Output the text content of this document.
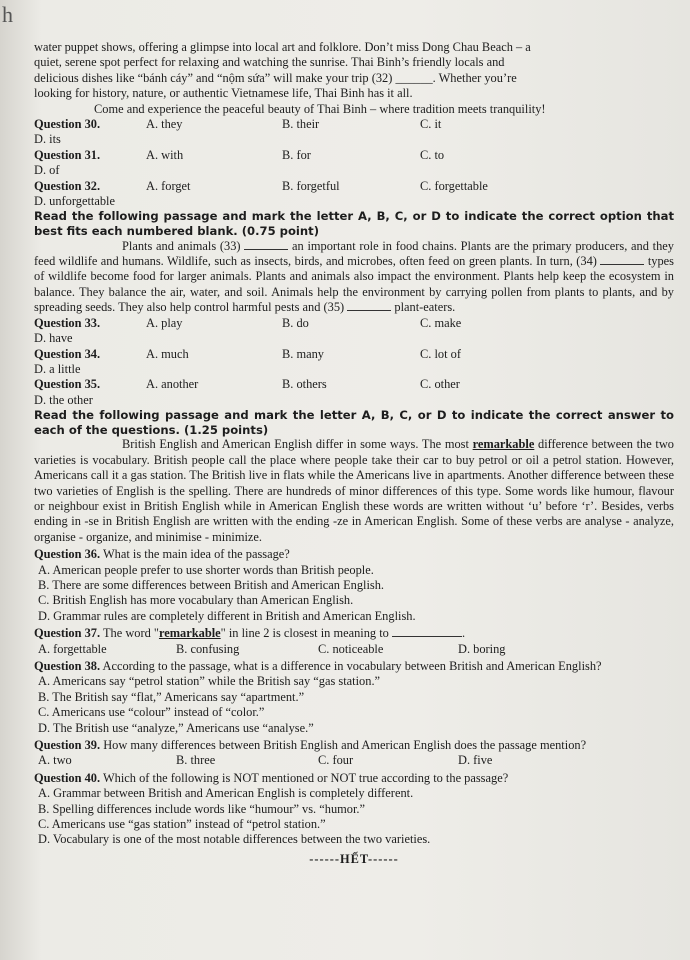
h

water puppet shows, offering a glimpse into local art and folklore. Don’t miss Dong Chau Beach – a

quiet, serene spot perfect for relaxing and watching the sunrise. Thai Binh’s friendly locals and

delicious dishes like “bánh cáy” and “nộm sứa” will make your trip (32) ______. Whether you’re

looking for history, nature, or authentic Vietnamese life, Thai Binh has it all.

Come and experience the peaceful beauty of Thai Binh – where tradition meets tranquility!

Question 30.	A. they	B. their	C. it
D. its
Question 31.	A. with	B. for	C. to
D. of
Question 32.	A. forget	B. forgetful	C. forgettable
D. unforgettable

Read the following passage and mark the letter A, B, C, or D to indicate the correct option that best fits each numbered blank. (0.75 point)

Plants and animals (33)	an important role in food chains. Plants are the primary producers, and they feed wildlife and humans. Wildlife, such as insects, birds, and microbes, often feed on green plants. In turn, (34)	types of wildlife become food for larger animals. Plants and animals also impact the environment. Plants help keep the ecosystem in balance. They balance the air, water, and soil. Animals help the environment by carrying pollen from plants to plants, and by spreading seeds. They also help control harmful pests and (35)	plant-eaters.

Question 33.	A. play	B. do	C. make
D. have
Question 34.	A. much	B. many	C. lot of
D. a little
Question 35.	A. another	B. others	C. other
D. the other

Read the following passage and mark the letter A, B, C, or D to indicate the correct answer to each of the questions. (1.25 points)

British English and American English differ in some ways. The most remarkable difference between the two varieties is vocabulary. British people call the place where people take their car to buy petrol or oil a petrol station. However, Americans call it a gas station. The British live in flats while the Americans live in apartments. Another difference between these two varieties of English is the spelling. There are hundreds of minor differences of this type. Some words like humour, flavour or neighbour exist in British English while in American English these words are written without ‘u’ before ‘r’. Besides, verbs ending in -se in British English are written with the ending -ze in American English. Some of these verbs are analyse - analyze, organise - organize, and minimise - minimize.

Question 36. What is the main idea of the passage?

A. American people prefer to use shorter words than British people.

B. There are some differences between British and American English.

C. British English has more vocabulary than American English.

D. Grammar rules are completely different in British and American English.

Question 37. The word "remarkable" in line 2 is closest in meaning to	.

A. forgettable	B. confusing	C. noticeable	D. boring

Question 38. According to the passage, what is a difference in vocabulary between British and American English?

A. Americans say “petrol station” while the British say “gas station.”

B. The British say “flat,” Americans say “apartment.”

C. Americans use “colour” instead of “color.”

D. The British use “analyze,” Americans use “analyse.”

Question 39. How many differences between British English and American English does the passage mention?

A. two	B. three	C. four	D. five

Question 40. Which of the following is NOT mentioned or NOT true according to the passage?

A. Grammar between British and American English is completely different.

B. Spelling differences include words like “humour” vs. “humor.”

C. Americans use “gas station” instead of “petrol station.”

D. Vocabulary is one of the most notable differences between the two varieties.

------HẾT------
